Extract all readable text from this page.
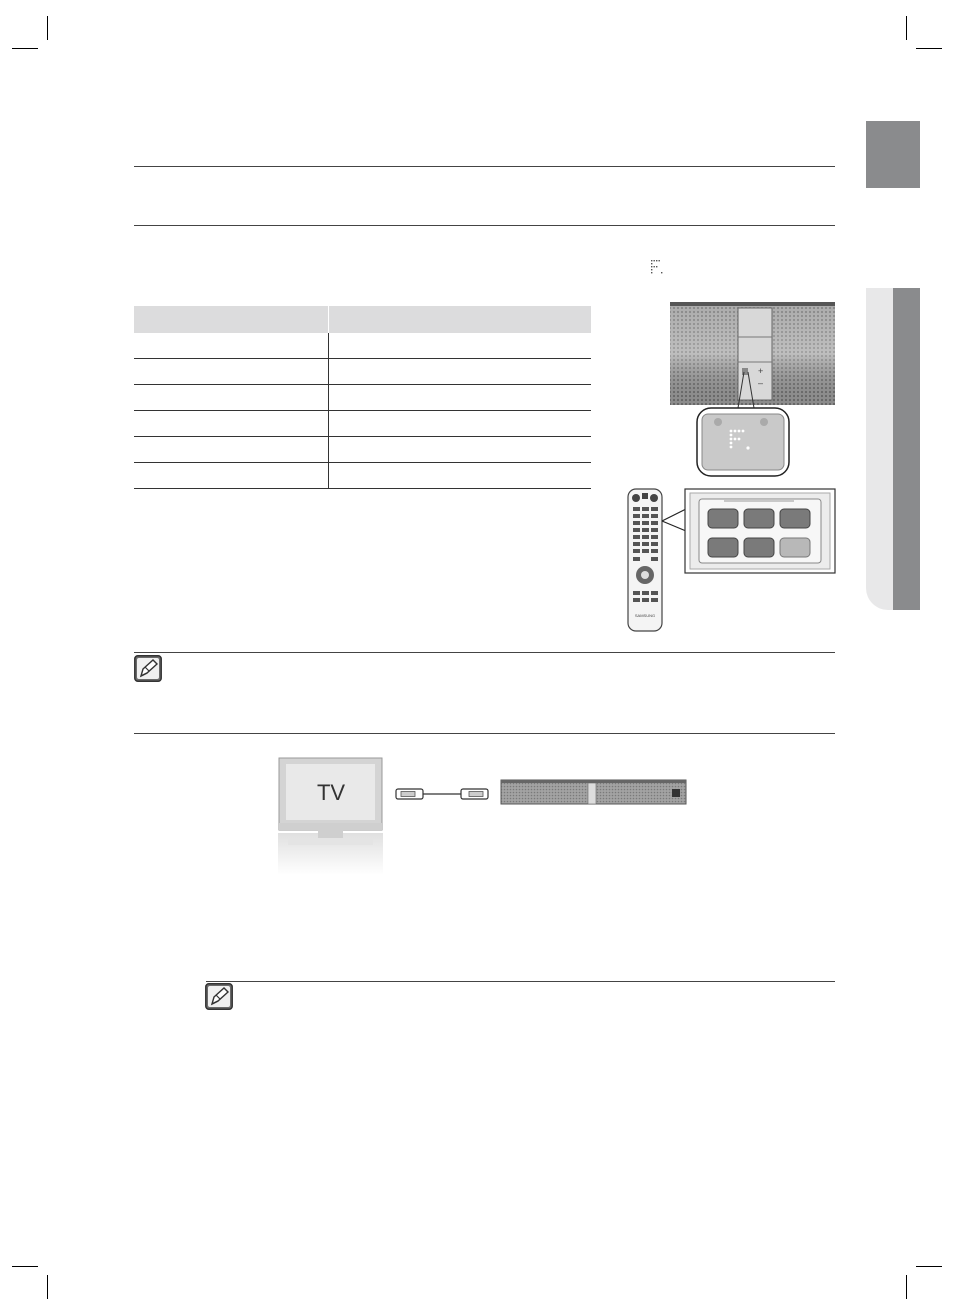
+
–
SAMSUNG
TV
